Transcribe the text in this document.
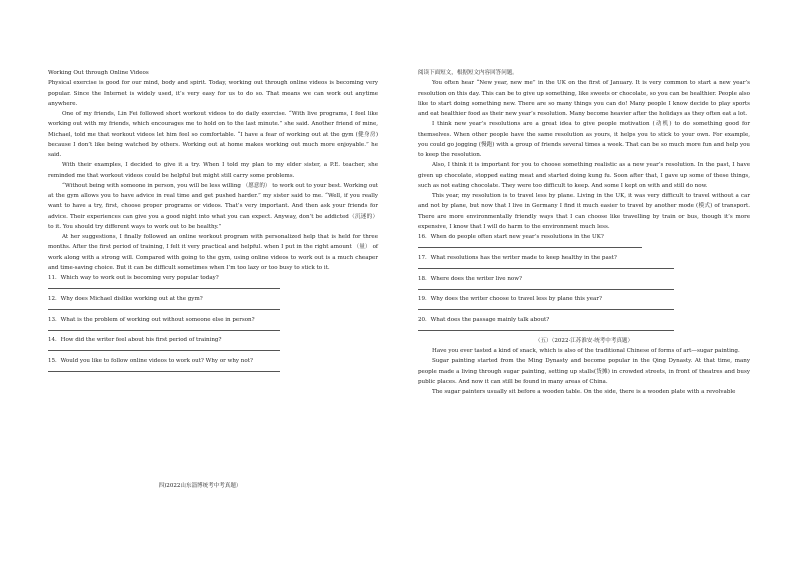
Working Out through Online Videos

Physical exercise is good for our mind, body and spirit. Today, working out through online videos is becoming very popular. Since the Internet is widely used, it’s very easy for us to do so. That means we can work out anytime anywhere.

One of my friends, Lin Fei followed short workout videos to do daily exercise. “With live programs, I feel like working out with my friends, which encourages me to hold on to the last minute.” she said. Another friend of mine, Michael, told me that workout videos let him feel so comfortable. “I have a fear of working out at the gym (健身房) because I don’t like being watched by others. Working out at home makes working out much more enjoyable.” he said.

With their examples, I decided to give it a try. When I told my plan to my elder sister, a P.E. teacher, she reminded me that workout videos could be helpful but might still carry some problems.

“Without being with someone in person, you will be less willing （愿意的） to work out to your best. Working out at the gym allows you to have advice in real time and get pushed harder.” my sister said to me. “Well, if you really want to have a try, first, choose proper programs or videos. That’s very important. And then ask your friends for advice. Their experiences can give you a good night into what you can expect. Anyway, don’t be addicted（沉迷的） to it. You should try different ways to work out to be healthy.”

At her suggestions, I finally followed an online workout program with personalized help that is held for three months. After the first period of training, I felt it very practical and helpful. when I put in the right amount （量） of work along with a strong will. Compared with going to the gym, using online videos to work out is a much cheaper and time-saving choice. But it can be difficult sometimes when I’m too lazy or too busy to stick to it.

11．Which way to work out is becoming very popular today?

12．Why does Michael dislike working out at the gym?

13．What is the problem of working out without someone else in person?

14．How did the writer feel about his first period of training?

15．Would you like to follow online videos to work out? Why or why not?

四)2022山东淄博统考中考真题）

阅读下面短文，根据短文内容回答问题。

You often hear “New year, new me” in the UK on the first of January. It is very common to start a new year’s resolution on this day. This can be to give up something, like sweets or chocolate, so you can be healthier. People also like to start doing something new. There are so many things you can do! Many people I know decide to play sports and eat healthier food as their new year’s resolution. Many become heavier after the holidays as they often eat a lot.

I think new year’s resolutions are a great idea to give people motivation (动机) to do something good for themselves. When other people have the same resolution as yours, it helps you to stick to your own. For example, you could go jogging (慢跑) with a group of friends several times a week. That can be so much more fun and help you to keep the resolution.

Also, I think it is important for you to choose something realistic as a new year’s resolution. In the past, I have given up chocolate, stopped eating meat and started doing kung fu. Soon after that, I gave up some of these things, such as not eating chocolate. They were too difficult to keep. And some I kept on with and still do now.

This year, my resolution is to travel less by plane. Living in the UK, it was very difficult to travel without a car and not by plane, but now that I live in Germany I find it much easier to travel by another mode (模式) of transport. There are more environmentally friendly ways that I can choose like travelling by train or bus, though it’s more expensive, I know that I will do harm to the environment much less.

16．When do people often start new year’s resolutions in the UK?

17．What resolutions has the writer made to keep healthy in the past?

18．Where does the writer live now?

19．Why does the writer choose to travel less by plane this year?

20．What does the passage mainly talk about?

（五）（2022·江苏淮安·统考中考真题）

Have you ever tasted a kind of snack, which is also of the traditional Chinese of forms of art—sugar painting.

Sugar painting started from the Ming Dynasty and become popular in the Qing Dynasty. At that time, many people made a living through sugar painting, setting up stalls(货摊) in crowded streets, in front of theatres and busy public places. And now it can still be found in many areas of China.

The sugar painters usually sit before a wooden table. On the side, there is a wooden plate with a revolvable
